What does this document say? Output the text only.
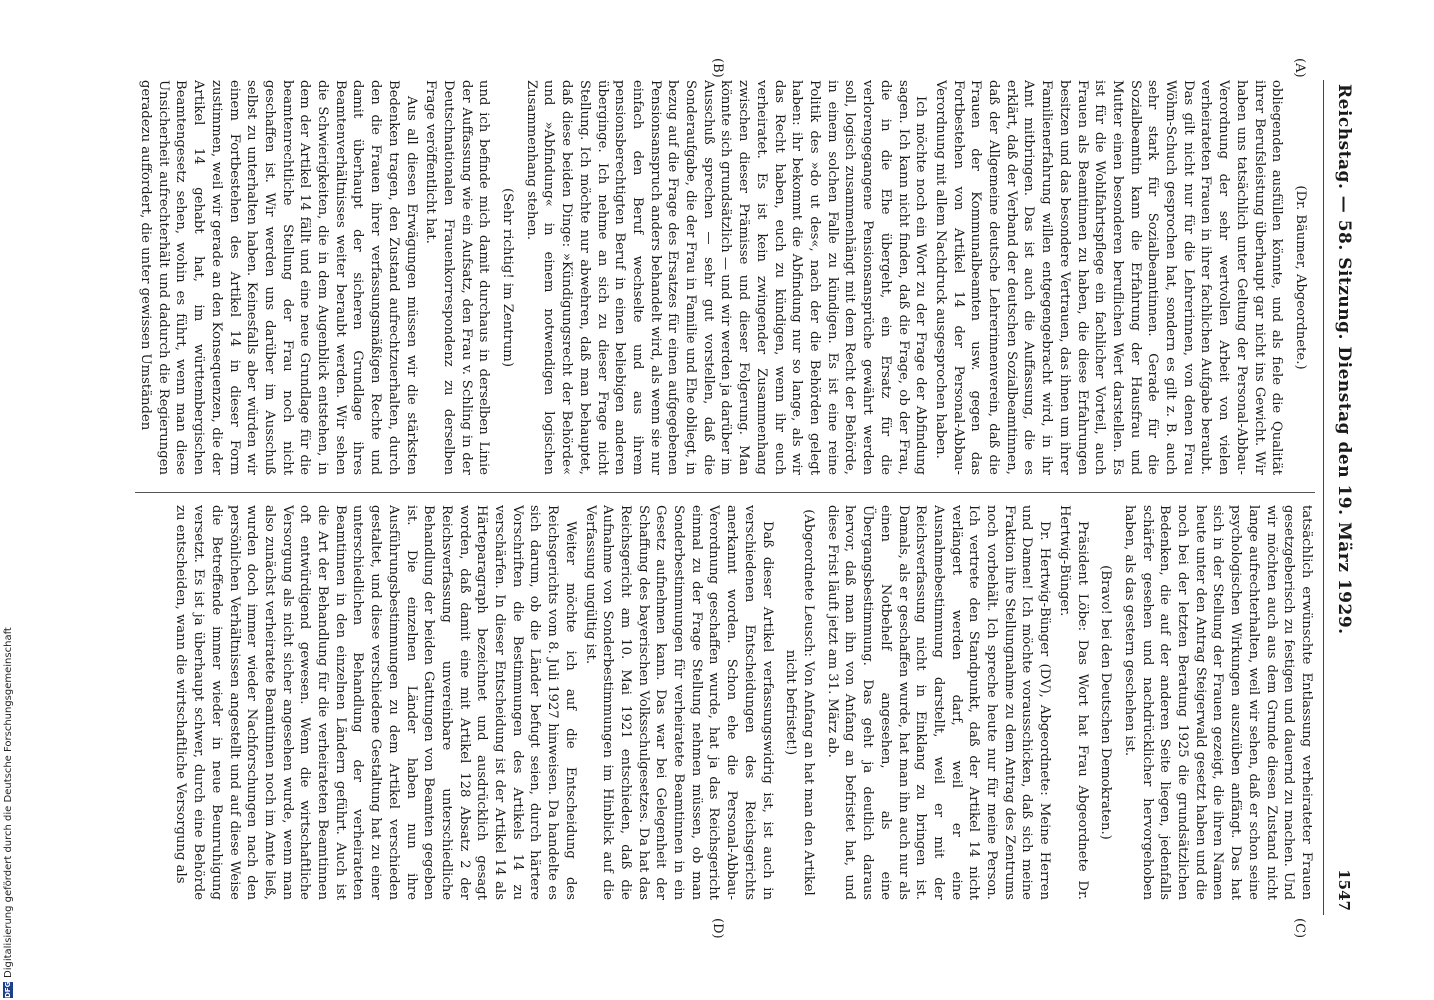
DFG
Digitalisierung gefördert durch die Deutsche Forschungsgemeinschaft
Reichstag. — 58. Sitzung. Dienstag den 19. März 1929.
1547
(A)
(B)
(C)
(D)

(Dr. Bäumer, Abgeordnete.)

obliegenden ausfüllen könnte, und als fiele die Qualität ihrer Berufsleistung überhaupt gar nicht ins Gewicht. Wir haben uns tatsächlich unter Geltung der Personal-Abbau-Verordnung der sehr wertvollen Arbeit von vielen verheirateten Frauen in ihrer fachlichen Aufgabe beraubt. Das gilt nicht nur für die Lehrerinnen, von denen Frau Wöhm-Schuch gesprochen hat, sondern es gilt z. B. auch sehr stark für Sozialbeamtinnen. Gerade für die Sozialbeamtin kann die Erfahrung der Hausfrau und Mutter einen besonderen beruflichen Wert darstellen. Es ist für die Wohlfahrtspflege ein fachlicher Vorteil, auch Frauen als Beamtinnen zu haben, die diese Erfahrungen besitzen und das besondere Vertrauen, das ihnen um ihrer Familienerfahrung willen entgegengebracht wird, in ihr Amt mitbringen. Das ist auch die Auffassung, die es erklärt, daß der Verband der deutschen Sozialbeamtinnen, daß der Allgemeine deutsche Lehrerinnenverein, daß die Frauen der Kommunalbeamten usw. gegen das Fortbestehen von Artikel 14 der Personal-Abbau-Verordnung mit allem Nachdruck ausgesprochen haben.

Ich möchte noch ein Wort zu der Frage der Abfindung sagen. Ich kann nicht finden, daß die Frage, ob der Frau, die in die Ehe übergeht, ein Ersatz für die verlorengegangene Pensionsansprüche gewährt werden soll, logisch zusammenhängt mit dem Recht der Behörde, in einem solchen Falle zu kündigen. Es ist eine reine Politik des »do ut des«, nach der die Behörden gelegt haben: ihr bekommt die Abfindung nur so lange, als wir das Recht haben, euch zu kündigen, wenn ihr euch verheiratet. Es ist kein zwingender Zusammenhang zwischen dieser Prämisse und dieser Folgerung. Man könnte sich grundsätzlich — und wir werden ja darüber im Ausschuß sprechen — sehr gut vorstellen, daß die Sonderaufgabe, die der Frau in Familie und Ehe obliegt, in bezug auf die Frage des Ersatzes für einen aufgegebenen Pensionsanspruch anders behandelt wird, als wenn sie nur einfach den Beruf wechselte und aus ihrem pensionsberechtigten Beruf in einen beliebigen anderen überginge. Ich nehme an sich zu dieser Frage nicht Stellung. Ich möchte nur abwehren, daß man behauptet, daß diese beiden Dinge: »Kündigungsrecht der Behörde« und »Abfindung« in einem notwendigen logischen Zusammenhang stehen.

(Sehr richtig! im Zentrum)

und ich befinde mich damit durchaus in derselben Linie der Auffassung wie ein Aufsatz, den Frau v. Schling in der Deutschnationalen Frauenkorrespondenz zu derselben Frage veröffentlicht hat.

Aus all diesen Erwägungen müssen wir die stärksten Bedenken tragen, den Zustand aufrechtzuerhalten, durch den die Frauen ihrer verfassungsmäßigen Rechte und damit überhaupt der sicheren Grundlage ihres Beamtenverhältnisses weiter beraubt werden. Wir sehen die Schwierigkeiten, die in dem Augenblick entstehen, in dem der Artikel 14 fällt und eine neue Grundlage für die beamtenrechtliche Stellung der Frau noch nicht geschaffen ist. Wir werden uns darüber im Ausschuß selbst zu unterhalten haben. Keinesfalls aber würden wir einem Fortbestehen des Artikel 14 in dieser Form zustimmen, weil wir gerade an den Konsequenzen, die der Artikel 14 gehabt hat, im württembergischen Beamtengesetz sehen, wohin es führt, wenn man diese Unsicherheit aufrechterhält und dadurch die Regierungen geradezu auffordert, die unter gewissen Umständen

tatsächlich erwünschte Entlassung verheirateter Frauen gesetzgeberisch zu festigen und dauernd zu machen. Und wir möchten auch aus dem Grunde diesen Zustand nicht lange aufrechterhalten, weil wir sehen, daß er schon seine psychologischen Wirkungen auszuüben anfängt. Das hat sich in der Stellung der Frauen gezeigt, die ihren Namen heute unter den Antrag Steigerwald gesetzt haben und die noch bei der letzten Beratung 1925 die grundsätzlichen Bedenken, die auf der anderen Seite liegen, jedenfalls schärfer gesehen und nachdrücklicher hervorgehoben haben, als das gestern geschehen ist.

(Bravo! bei den Deutschen Demokraten.)

Präsident Löbe: Das Wort hat Frau Abgeordnete Dr. Hertwig-Bünger.

Dr. Hertwig-Bünger (DV), Abgeordnete: Meine Herren und Damen! Ich möchte vorausschicken, daß sich meine Fraktion ihre Stellungnahme zu dem Antrag des Zentrums noch vorbehält. Ich spreche heute nur für meine Person. Ich vertrete den Standpunkt, daß der Artikel 14 nicht verlängert werden darf, weil er eine Ausnahmebestimmung darstellt, weil er mit der Reichsverfassung nicht in Einklang zu bringen ist. Damals, als er geschaffen wurde, hat man ihn auch nur als einen Notbehelf angesehen, als eine Übergangsbestimmung. Das geht ja deutlich daraus hervor, daß man ihn von Anfang an befristet hat, und diese Frist läuft jetzt am 31. März ab.

(Abgeordnete Leusch: Von Anfang an hat man den Artikel nicht befristet!)

Daß dieser Artikel verfassungswidrig ist, ist auch in verschiedenen Entscheidungen des Reichsgerichts anerkannt worden. Schon ehe die Personal-Abbau-Verordnung geschaffen wurde, hat ja das Reichsgericht einmal zu der Frage Stellung nehmen müssen, ob man Sonderbestimmungen für verheiratete Beamtinnen in ein Gesetz aufnehmen kann. Das war bei Gelegenheit der Schaffung des bayerischen Volksschulgesetzes. Da hat das Reichsgericht am 10. Mai 1921 entschieden, daß die Aufnahme von Sonderbestimmungen im Hinblick auf die Verfassung ungültig ist.

Weiter möchte ich auf die Entscheidung des Reichsgerichts vom 8. Juli 1927 hinweisen. Da handelte es sich darum, ob die Länder befugt seien, durch härtere Vorschriften die Bestimmungen des Artikels 14 zu verschärfen. In dieser Entscheidung ist der Artikel 14 als Härteparagraph bezeichnet und ausdrücklich gesagt worden, daß damit eine mit Artikel 128 Absatz 2 der Reichsverfassung unvereinbare unterschiedliche Behandlung der beiden Gattungen von Beamten gegeben ist. Die einzelnen Länder haben nun ihre Ausführungsbestimmungen zu dem Artikel verschieden gestaltet, und diese verschiedene Gestaltung hat zu einer unterschiedlichen Behandlung der verheirateten Beamtinnen in den einzelnen Ländern geführt. Auch ist die Art der Behandlung für die verheirateten Beamtinnen oft entwürdigend gewesen. Wenn die wirtschaftliche Versorgung als nicht sicher angesehen wurde, wenn man also zunächst verheiratete Beamtinnen noch im Amte ließ, wurden doch immer wieder Nachforschungen nach den persönlichen Verhältnissen angestellt und auf diese Weise die Betreffende immer wieder in neue Beunruhigung versetzt. Es ist ja überhaupt schwer, durch eine Behörde zu entscheiden, wann die wirtschaftliche Versorgung als
